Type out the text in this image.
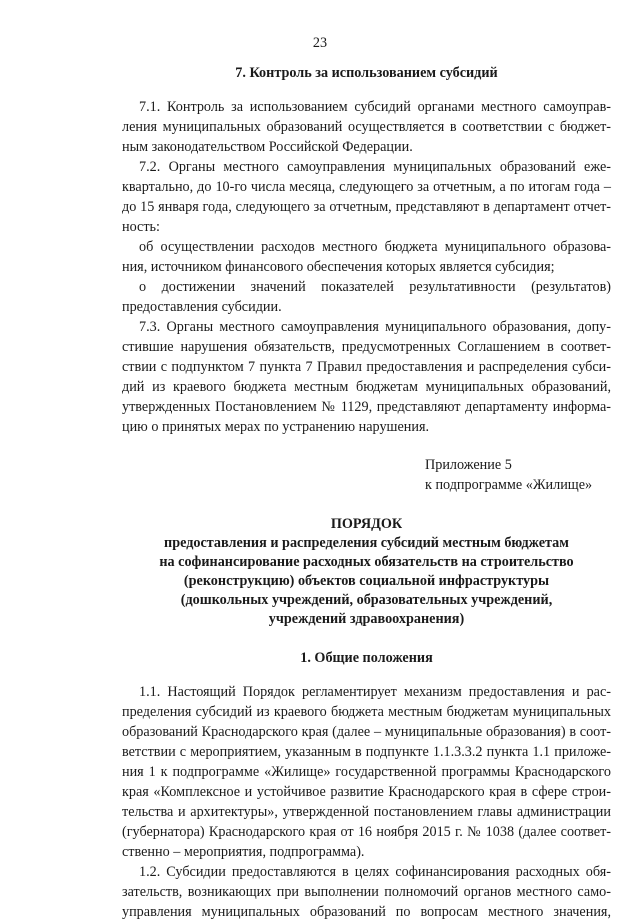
23
7. Контроль за использованием субсидий
7.1. Контроль за использованием субсидий органами местного самоупрaв-
ления муниципальных образований осуществляется в соответствии с бюджет-
ным законодательством Российской Федерации.
7.2. Органы местного самоуправления муниципальных образований еже-
квартально, до 10-го числа месяца, следующего за отчетным, а по итогам года –
до 15 января года, следующего за отчетным, представляют в департамент отчет-
ность:
об осуществлении расходов местного бюджета муниципального образова-
ния, источником финансового обеспечения которых является субсидия;
о достижении значений показателей результативности (результатов)
предоставления субсидии.
7.3. Органы местного самоуправления муниципального образования, допу-
стившие нарушения обязательств, предусмотренных Соглашением в соответ-
ствии с подпунктом 7 пункта 7 Правил предоставления и распределения субси-
дий из краевого бюджета местным бюджетам муниципальных образований,
утвержденных Постановлением № 1129, представляют департаменту информа-
цию о принятых мерах по устранению нарушения.
Приложение 5
к подпрограмме «Жилище»
ПОРЯДОК
предоставления и распределения субсидий местным бюджетам
на софинансирование расходных обязательств на строительство
(реконструкцию) объектов социальной инфраструктуры
(дошкольных учреждений, образовательных учреждений,
учреждений здравоохранения)
1. Общие положения
1.1. Настоящий Порядок регламентирует механизм предоставления и рас-
пределения субсидий из краевого бюджета местным бюджетам муниципальных
образований Краснодарского края (далее – муниципальные образования) в соот-
ветствии с мероприятием, указанным в подпункте 1.1.3.3.2 пункта 1.1 приложе-
ния 1 к подпрограмме «Жилище» государственной программы Краснодарского
края «Комплексное и устойчивое развитие Краснодарского края в сфере строи-
тельства и архитектуры», утвержденной постановлением главы администрации
(губернатора) Краснодарского края от 16 ноября 2015 г. № 1038 (далее соответ-
ственно – мероприятия, подпрограмма).
1.2. Субсидии предоставляются в целях софинансирования расходных обя-
зательств, возникающих при выполнении полномочий органов местного само-
управления муниципальных образований по вопросам местного значения,
